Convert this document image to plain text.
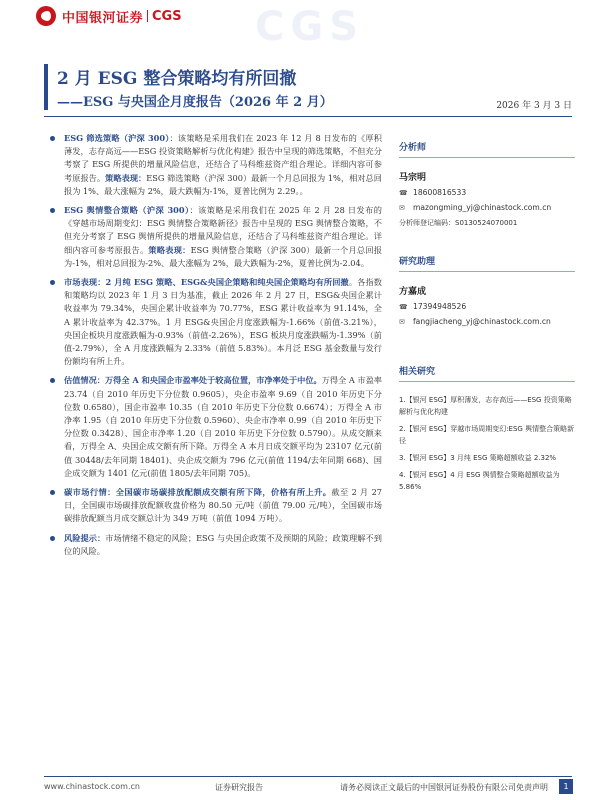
中国银河证券 CGS CGS
2 月 ESG 整合策略均有所回撤
——ESG 与央国企月度报告（2026 年 2 月）	2026 年 3 月 3 日
ESG 筛选策略（沪深 300）：该策略是采用我们在 2023 年 12 月 8 日发布的《厚积薄发，志存高远——ESG 投资策略解析与优化构建》报告中呈现的筛选策略，不但充分考察了 ESG 所提供的增量风险信息，还结合了马科维兹资产组合理论。详细内容可参考原报告。策略表现：ESG 筛选策略（沪深 300）最新一个月总回报为 1%，相对总回报为 1%、最大涨幅为 2%，最大跌幅为-1%，夏普比例为 2.29。。
ESG 舆情整合策略（沪深 300）：该策略是采用我们在 2025 年 2 月 28 日发布的《穿越市场周期变幻：ESG 舆情整合策略新径》报告中呈现的 ESG 舆情整合策略，不但充分考察了 ESG 舆情所提供的增量风险信息，还结合了马科维兹资产组合理论。详细内容可参考原报告。策略表现：ESG 舆情整合策略（沪深 300）最新一个月总回报为-1%，相对总回报为-2%、最大涨幅为 2%，最大跌幅为-2%，夏普比例为-2.04。
市场表现：2 月纯 ESG 策略、ESG&央国企策略和纯央国企策略均有所回撤。各指数和策略均以 2023 年 1 月 3 日为基准，截止 2026 年 2 月 27 日，ESG&央国企累计收益率为 79.34%，央国企累计收益率为 70.77%，ESG 累计收益率为 91.14%，全 A 累计收益率为 42.37%。1 月 ESG&央国企月度涨跌幅为-1.66%（前值-3.21%），央国企板块月度涨跌幅为-0.93%（前值-2.26%），ESG 板块月度涨跌幅为-1.39%（前值-2.79%），全 A 月度涨跌幅为 2.33%（前值 5.83%）。本月泛 ESG 基金数量与发行份额均有所上升。
估值情况：万得全 A 和央国企市盈率处于较高位置，市净率处于中位。万得全 A 市盈率 23.74（自 2010 年历史下分位数 0.9605），央企市盈率 9.69（自 2010 年历史下分位数 0.6580），国企市盈率 10.35（自 2010 年历史下分位数 0.6674）；万得全 A 市净率 1.95（自 2010 年历史下分位数 0.5960）、央企市净率 0.99（自 2010 年历史下分位数 0.3428）、国企市净率 1.20（自 2010 年历史下分位数 0.5790）。从成交额来看，万得全 A、央国企成交额有所下降。万得全 A 本月日成交额平均为 23107 亿元(前值 30448/去年同期 18401)、央企成交额为 796 亿元(前值 1194/去年同期 668)、国企成交额为 1401 亿元(前值 1805/去年同期 705)。
碳市场行情：全国碳市场碳排放配额成交额有所下降，价格有所上升。截至 2 月 27 日，全国碳市场碳排放配额收盘价格为 80.50 元/吨（前值 79.00 元/吨），全国碳市场碳排放配额当月成交额总计为 349 万吨（前值 1094 万吨）。
风险提示：市场情绪不稳定的风险；ESG 与央国企政策不及预期的风险；政策理解不到位的风险。
分析师
马宗明
☎ 18600816533
✉	mazongming_yj@chinastock.com.cn
分析师登记编码：S0130524070001
研究助理
方嘉成
☎ 17394948526
✉	fangjiacheng_yj@chinastock.com.cn
相关研究
1.【银河 ESG】厚积薄发，志存高远——ESG 投资策略解析与优化构建
2.【银河 ESG】穿越市场周期变幻:ESG 舆情整合策略新径
3.【银河 ESG】3 月纯 ESG 策略超额收益 2.32%
4.【银河 ESG】4 月 ESG 舆情整合策略超额收益为 5.86%
www.chinastock.com.cn	证券研究报告	请务必阅读正文最后的中国银河证券股份有限公司免责声明	1
